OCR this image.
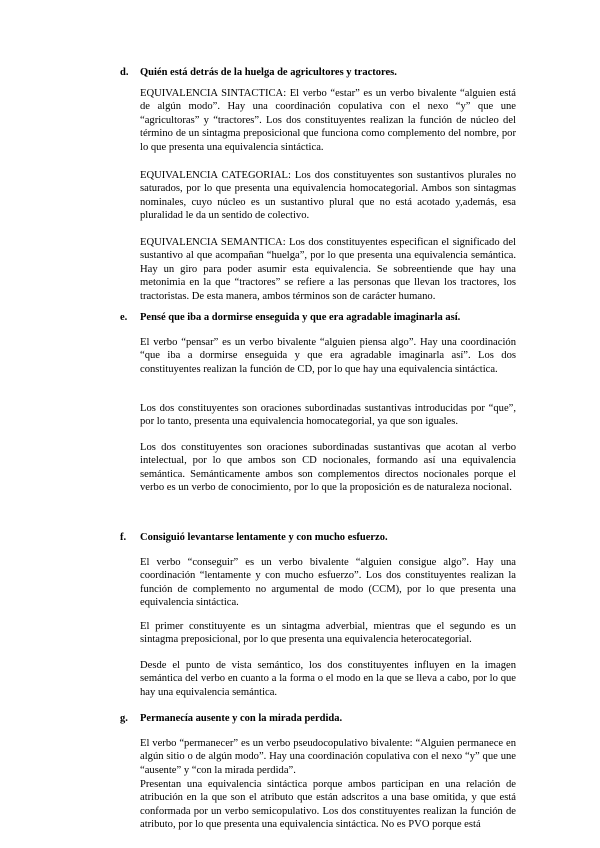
d. Quién está detrás de la huelga de agricultores y tractores.

EQUIVALENCIA SINTACTICA: El verbo “estar” es un verbo bivalente “alguien está de algún modo”. Hay una coordinación copulativa con el nexo “y” que une “agricultoras” y “tractores”. Los dos constituyentes realizan la función de núcleo del término de un sintagma preposicional que funciona como complemento del nombre, por lo que presenta una equivalencia sintáctica.

EQUIVALENCIA CATEGORIAL: Los dos constituyentes son sustantivos plurales no saturados, por lo que presenta una equivalencia homocategorial. Ambos son sintagmas nominales, cuyo núcleo es un sustantivo plural que no está acotado y,además, esa pluralidad le da un sentido de colectivo.

EQUIVALENCIA SEMANTICA: Los dos constituyentes especifican el significado del sustantivo al que acompañan “huelga”, por lo que presenta una equivalencia semántica. Hay un giro para poder asumir esta equivalencia. Se sobreentiende que hay una metonimia en la que “tractores” se refiere a las personas que llevan los tractores, los tractoristas. De esta manera, ambos términos son de carácter humano.

e. Pensé que iba a dormirse enseguida y que era agradable imaginarla así.

El verbo “pensar” es un verbo bivalente “alguien piensa algo”. Hay una coordinación “que iba a dormirse enseguida y que era agradable imaginarla así”. Los dos constituyentes realizan la función de CD, por lo que hay una equivalencia sintáctica.

Los dos constituyentes son oraciones subordinadas sustantivas introducidas por “que”, por lo tanto, presenta una equivalencia homocategorial, ya que son iguales.

Los dos constituyentes son oraciones subordinadas sustantivas que acotan al verbo intelectual, por lo que ambos son CD nocionales, formando así una equivalencia semántica. Semánticamente ambos son complementos directos nocionales porque el verbo es un verbo de conocimiento, por lo que la proposición es de naturaleza nocional.

f. Consiguió levantarse lentamente y con mucho esfuerzo.

El verbo “conseguir” es un verbo bivalente “alguien consigue algo”. Hay una coordinación “lentamente y con mucho esfuerzo”. Los dos constituyentes realizan la función de complemento no argumental de modo (CCM), por lo que presenta una equivalencia sintáctica.

El primer constituyente es un sintagma adverbial, mientras que el segundo es un sintagma preposicional, por lo que presenta una equivalencia heterocategorial.

Desde el punto de vista semántico, los dos constituyentes influyen en la imagen semántica del verbo en cuanto a la forma o el modo en la que se lleva a cabo, por lo que hay una equivalencia semántica.

g. Permanecía ausente y con la mirada perdida.

El verbo “permanecer” es un verbo pseudocopulativo bivalente: “Alguien permanece en algún sitio o de algún modo”. Hay una coordinación copulativa con el nexo “y” que une “ausente” y “con la mirada perdida”.

Presentan una equivalencia sintáctica porque ambos participan en una relación de atribución en la que son el atributo que están adscritos a una base omitida, y que está conformada por un verbo semicopulativo. Los dos constituyentes realizan la función de atributo, por lo que presenta una equivalencia sintáctica. No es PVO porque está
